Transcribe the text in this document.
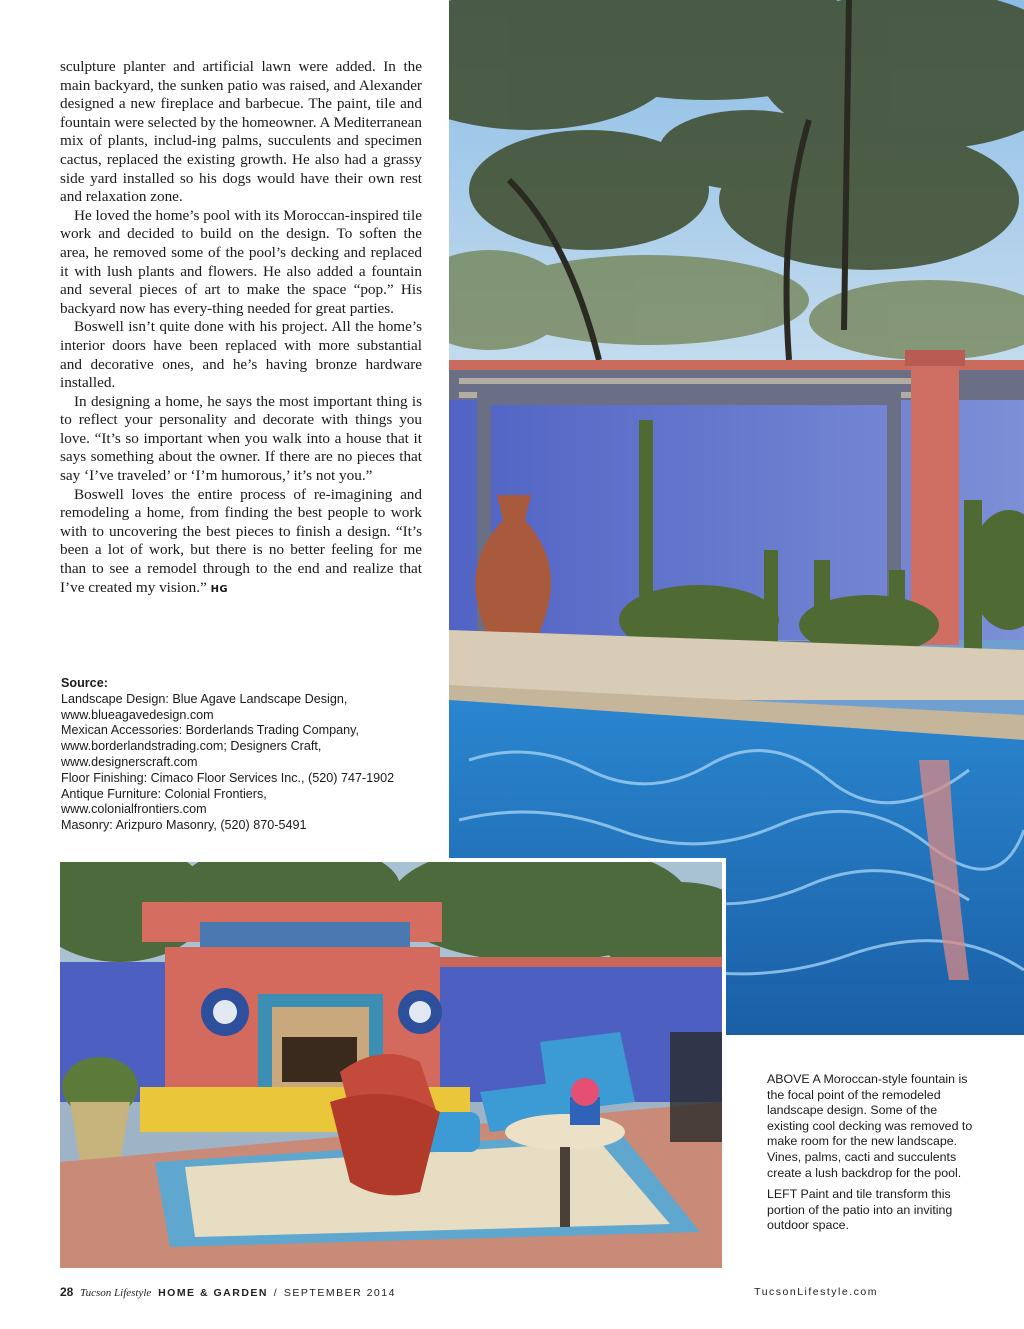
sculpture planter and artificial lawn were added. In the main backyard, the sunken patio was raised, and Alexander designed a new fireplace and barbecue. The paint, tile and fountain were selected by the homeowner. A Mediterranean mix of plants, includ-ing palms, succulents and specimen cactus, replaced the existing growth. He also had a grassy side yard installed so his dogs would have their own rest and relaxation zone.

He loved the home’s pool with its Moroccan-inspired tile work and decided to build on the design. To soften the area, he removed some of the pool’s decking and replaced it with lush plants and flowers. He also added a fountain and several pieces of art to make the space “pop.” His backyard now has every-thing needed for great parties.

Boswell isn’t quite done with his project. All the home’s interior doors have been replaced with more substantial and decorative ones, and he’s having bronze hardware installed.

In designing a home, he says the most important thing is to reflect your personality and decorate with things you love. “It’s so important when you walk into a house that it says something about the owner. If there are no pieces that say ‘I’ve traveled’ or ‘I’m humorous,’ it’s not you.”

Boswell loves the entire process of re-imagining and remodeling a home, from finding the best people to work with to uncovering the best pieces to finish a design. “It’s been a lot of work, but there is no better feeling for me than to see a remodel through to the end and realize that I’ve created my vision.” HG

Source:
Landscape Design: Blue Agave Landscape Design,
www.blueagavedesign.com
Mexican Accessories: Borderlands Trading Company,
www.borderlandstrading.com; Designers Craft,
www.designerscraft.com
Floor Finishing: Cimaco Floor Services Inc., (520) 747-1902
Antique Furniture: Colonial Frontiers,
www.colonialfrontiers.com
Masonry: Arizpuro Masonry, (520) 870-5491

ABOVE A Moroccan-style fountain is the focal point of the remodeled landscape design. Some of the existing cool decking was removed to make room for the new landscape. Vines, palms, cacti and succulents create a lush backdrop for the pool.

LEFT Paint and tile transform this portion of the patio into an inviting outdoor space.

28 Tucson Lifestyle HOME & GARDEN / SEPTEMBER 2014	TucsonLifestyle.com
